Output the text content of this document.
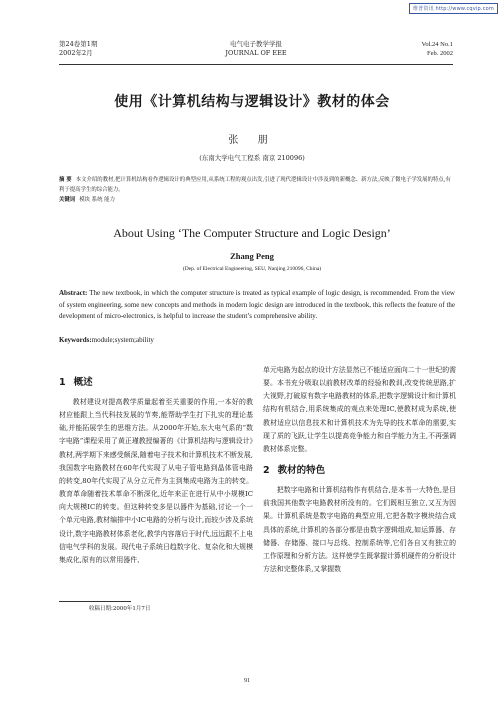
维普资讯 http://www.cqvip.com
第24卷第1期
2002年2月
电气电子教学学报
JOURNAL OF EEE
Vol.24 No.1
Feb. 2002
使用《计算机结构与逻辑设计》教材的体会
张 朋
(东南大学电气工程系 南京 210096)
摘 要 本文介绍的教材,把计算机结构看作逻辑设计的典型应用,从系统工程的观点出发,引进了现代逻辑设计中涉及到的新概念、新方法,反映了微电子学发展的特点,有利于提高学生的综合能力。
关键词 模块 系统 能力
About Using ‘The Computer Structure and Logic Design’
Zhang Peng
(Dep. of Electrical Engineering, SEU, Nanjing 210096, China)
Abstract: The new textbook, in which the computer structure is treated as typical example of logic design, is recommended. From the view of system engineering, some new concepts and methods in modern logic design are introduced in the textbook, this reflects the feature of the development of micro-electronics, is helpful to increase the student’s comprehensive ability.
Keywords:module;system;ability
1 概述

教材建设对提高教学质量起着至关重要的作用,一本好的教材应能跟上当代科技发展的节奏,能帮助学生打下扎实的理论基础,并能拓展学生的思维方法。从2000年开始,东大电气系的“数字电路”课程采用了黄正瑾教授编著的《计算机结构与逻辑设计》教材,两学期下来感受颇深,随着电子技术和计算机技术不断发展,我国数字电路教材在60年代实现了从电子管电路到晶体管电路的转变,80年代实现了从分立元件为主到集成电路为主的转变。教育革命随着技术革命不断深化,近年来正在进行从中小规模IC向大规模IC的转变。但这种转变多是以器件为基础,讨论一个一个单元电路,教材编排中小IC电路的分析与设计,而较少涉及系统设计,数字电路教材体系老化,教学内容落后于时代,远远跟不上电信电气学科的发展。现代电子系统日趋数字化、复杂化和大规模集成化,原有的以常用器件、

单元电路为起点的设计方法显然已不能适应面向二十一世纪的需要。本书充分吸取以前教材改革的经验和教训,改变传统思路,扩大视野,打破原有数字电路教材的体系,把数字逻辑设计和计算机结构有机结合,用系统集成的观点来处理IC,使教材成为系统,使教材适应以信息技术和计算机技术为先导的技术革命的需要,实现了质的飞跃,让学生以提高竞争能力和自学能力为主,不再强调教材体系完整。

2 教材的特色

把数字电路和计算机结构作有机结合,是本书一大特色,是目前我国其他数字电路教材所没有的。它们既相互独立,又互为因果。计算机系统是数字电路的典型应用,它把各数字模块结合成具体的系统,计算机的各部分都是由数字逻辑组成,如运算器、存储器、存储器、接口与总线、控制系统等,它们各自又有独立的工作原理和分析方法。这样使学生既掌握计算机硬件的分析设计方法和完整体系,又掌握数

收稿日期:2000年1月7日
91
